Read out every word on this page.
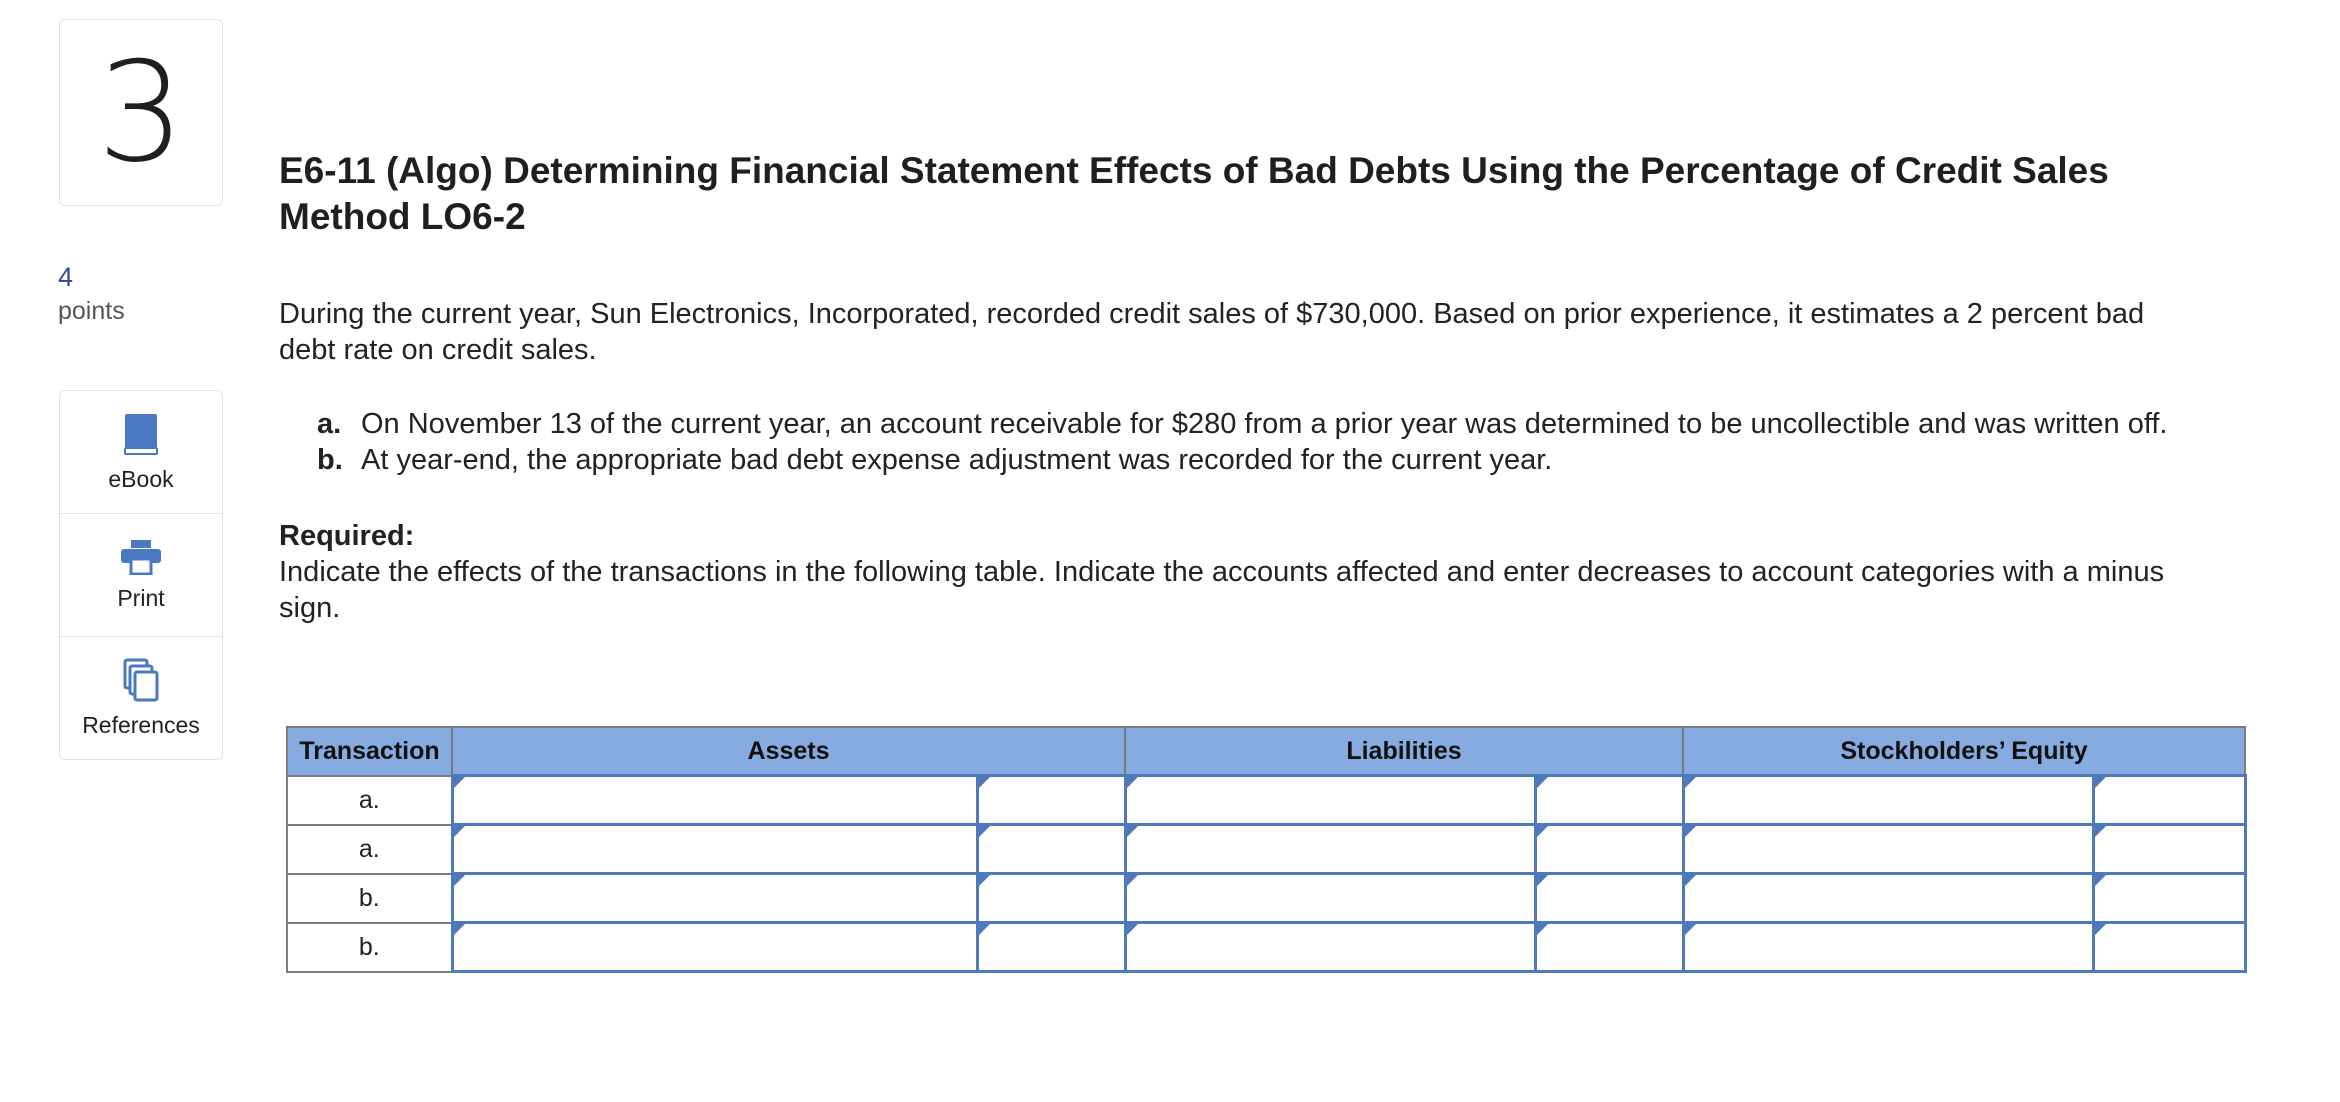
3
4
points
eBook
Print
References
E6-11 (Algo) Determining Financial Statement Effects of Bad Debts Using the Percentage of Credit Sales Method LO6-2

During the current year, Sun Electronics, Incorporated, recorded credit sales of $730,000. Based on prior experience, it estimates a 2 percent bad debt rate on credit sales.

a. On November 13 of the current year, an account receivable for $280 from a prior year was determined to be uncollectible and was written off.
b. At year-end, the appropriate bad debt expense adjustment was recorded for the current year.

Required:

Indicate the effects of the transactions in the following table. Indicate the accounts affected and enter decreases to account categories with a minus sign.

Transaction	Assets		Liabilities		Stockholders’ Equity	
a.						
a.						
b.						
b.						
